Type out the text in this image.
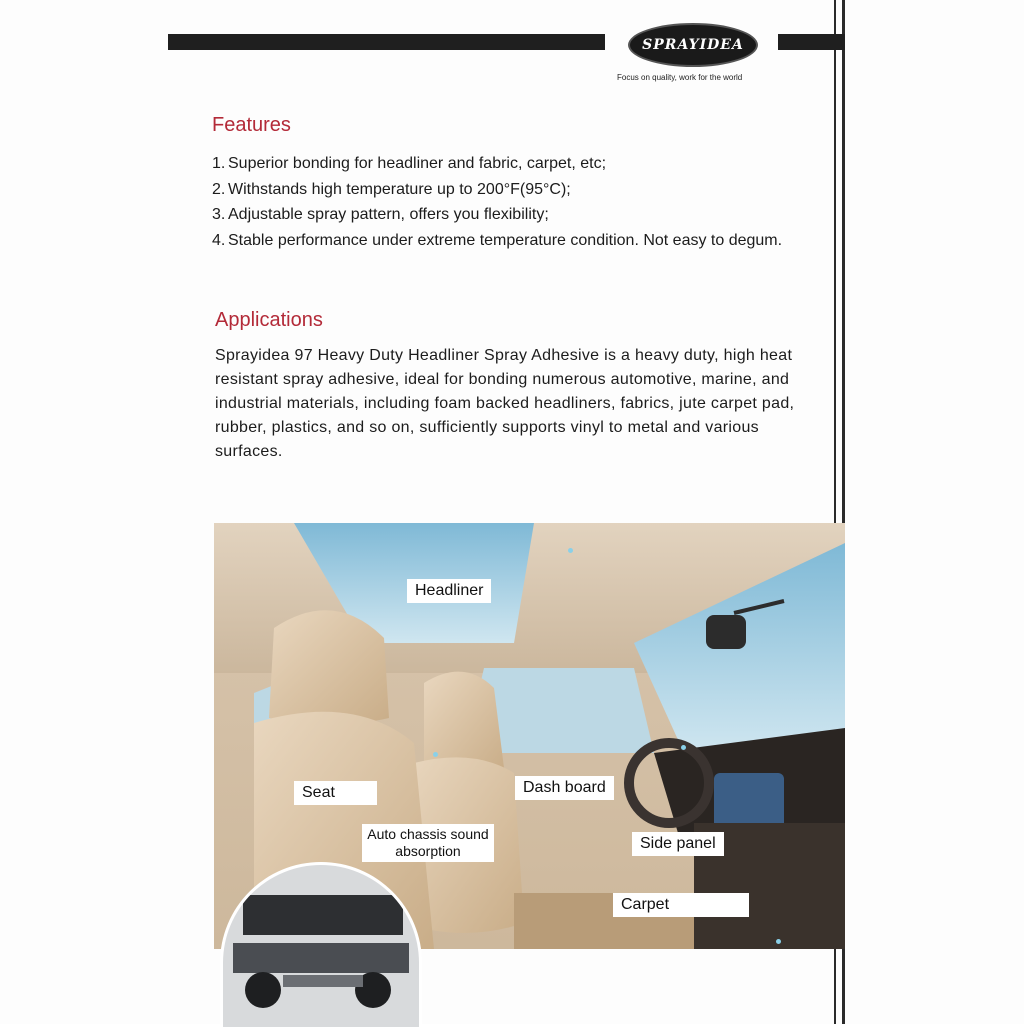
SPRAYIDEA
Focus on quality, work for the world
Features
1. Superior bonding for headliner and fabric, carpet, etc;
2. Withstands high temperature up to 200°F(95°C);
3. Adjustable spray pattern, offers you flexibility;
4. Stable performance under extreme temperature condition. Not easy to degum.
Applications

Sprayidea 97 Heavy Duty Headliner Spray Adhesive is a heavy duty, high heat resistant spray adhesive, ideal for bonding numerous automotive, marine, and industrial materials, including foam backed headliners, fabrics, jute carpet pad, rubber, plastics, and so on, sufficiently supports vinyl to metal and various surfaces.

Headliner
Seat	Dash board
Side panel
Carpet
Auto chassis sound absorption
